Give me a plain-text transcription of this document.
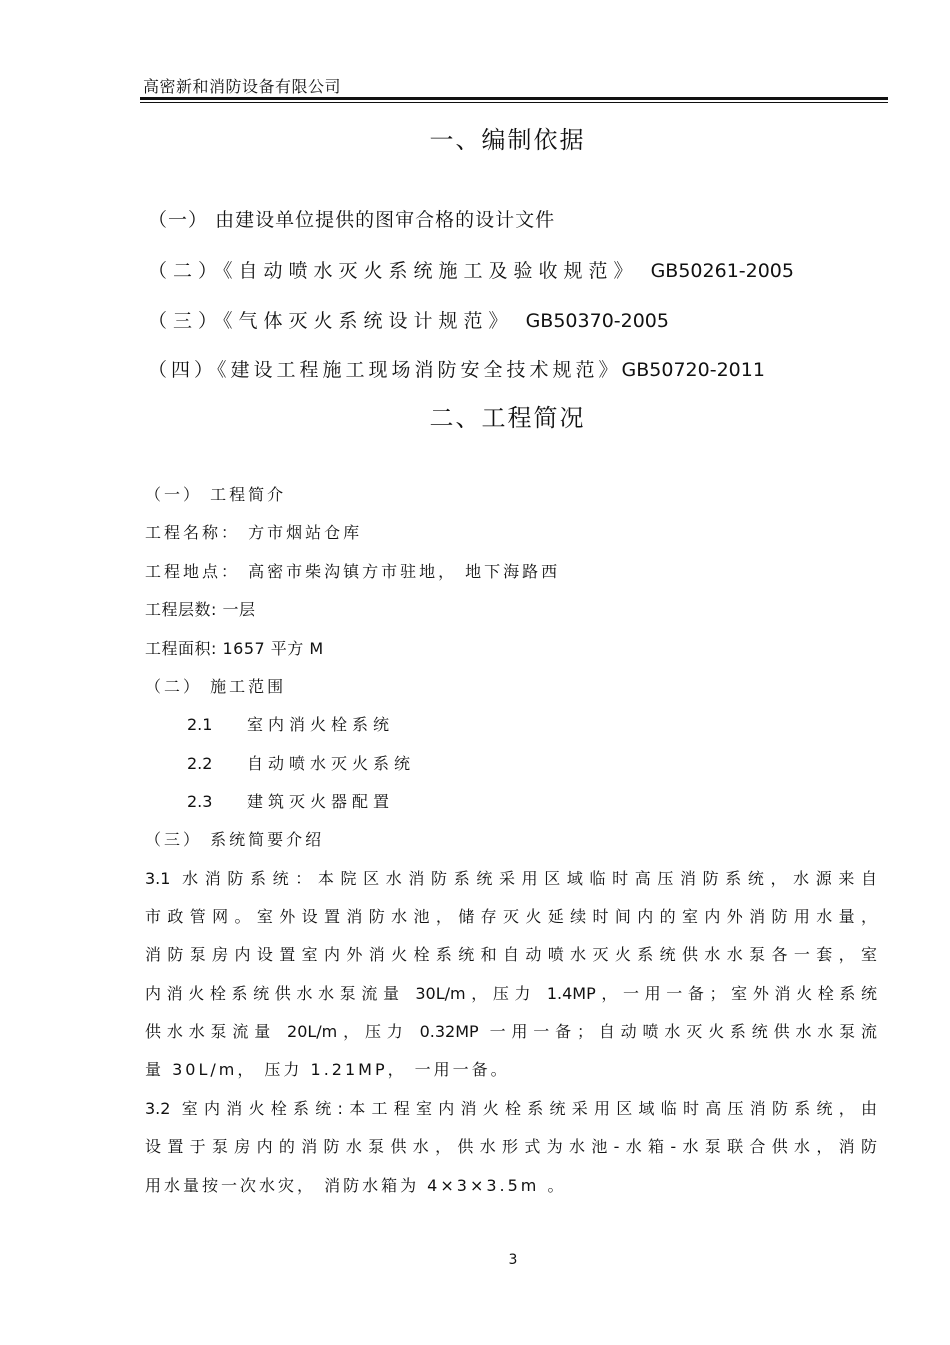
高密新和消防设备有限公司
一、编制依据
（一） 由建设单位提供的图审合格的设计文件
（二）《自动喷水灭火系统施工及验收规范》 GB50261-2005
（三）《气体灭火系统设计规范》 GB50370-2005
（四）《建设工程施工现场消防安全技术规范》GB50720-2011
二、工程简况
（一） 工程简介
工程名称： 方市烟站仓库
工程地点： 高密市柴沟镇方市驻地， 地下海路西
工程层数: 一层
工程面积: 1657 平方 M
（二） 施工范围
2.1 室内消火栓系统
2.2 自动喷水灭火系统
2.3 建筑灭火器配置
（三） 系统简要介绍
3.1 水消防系统：本院区水消防系统采用区域临时高压消防系统，水源来自
市政管网。室外设置消防水池，储存灭火延续时间内的室内外消防用水量，
消防泵房内设置室内外消火栓系统和自动喷水灭火系统供水水泵各一套，室
内消火栓系统供水水泵流量 30L/m，压力 1.4MP，一用一备；室外消火栓系统
供水水泵流量 20L/m，压力 0.32MP 一用一备；自动喷水灭火系统供水水泵流
量 30L/m， 压力 1.21MP， 一用一备。
3.2 室内消火栓系统:本工程室内消火栓系统采用区域临时高压消防系统，由
设置于泵房内的消防水泵供水，供水形式为水池-水箱-水泵联合供水，消防
用水量按一次水灾， 消防水箱为 4×3×3.5m 。
3
